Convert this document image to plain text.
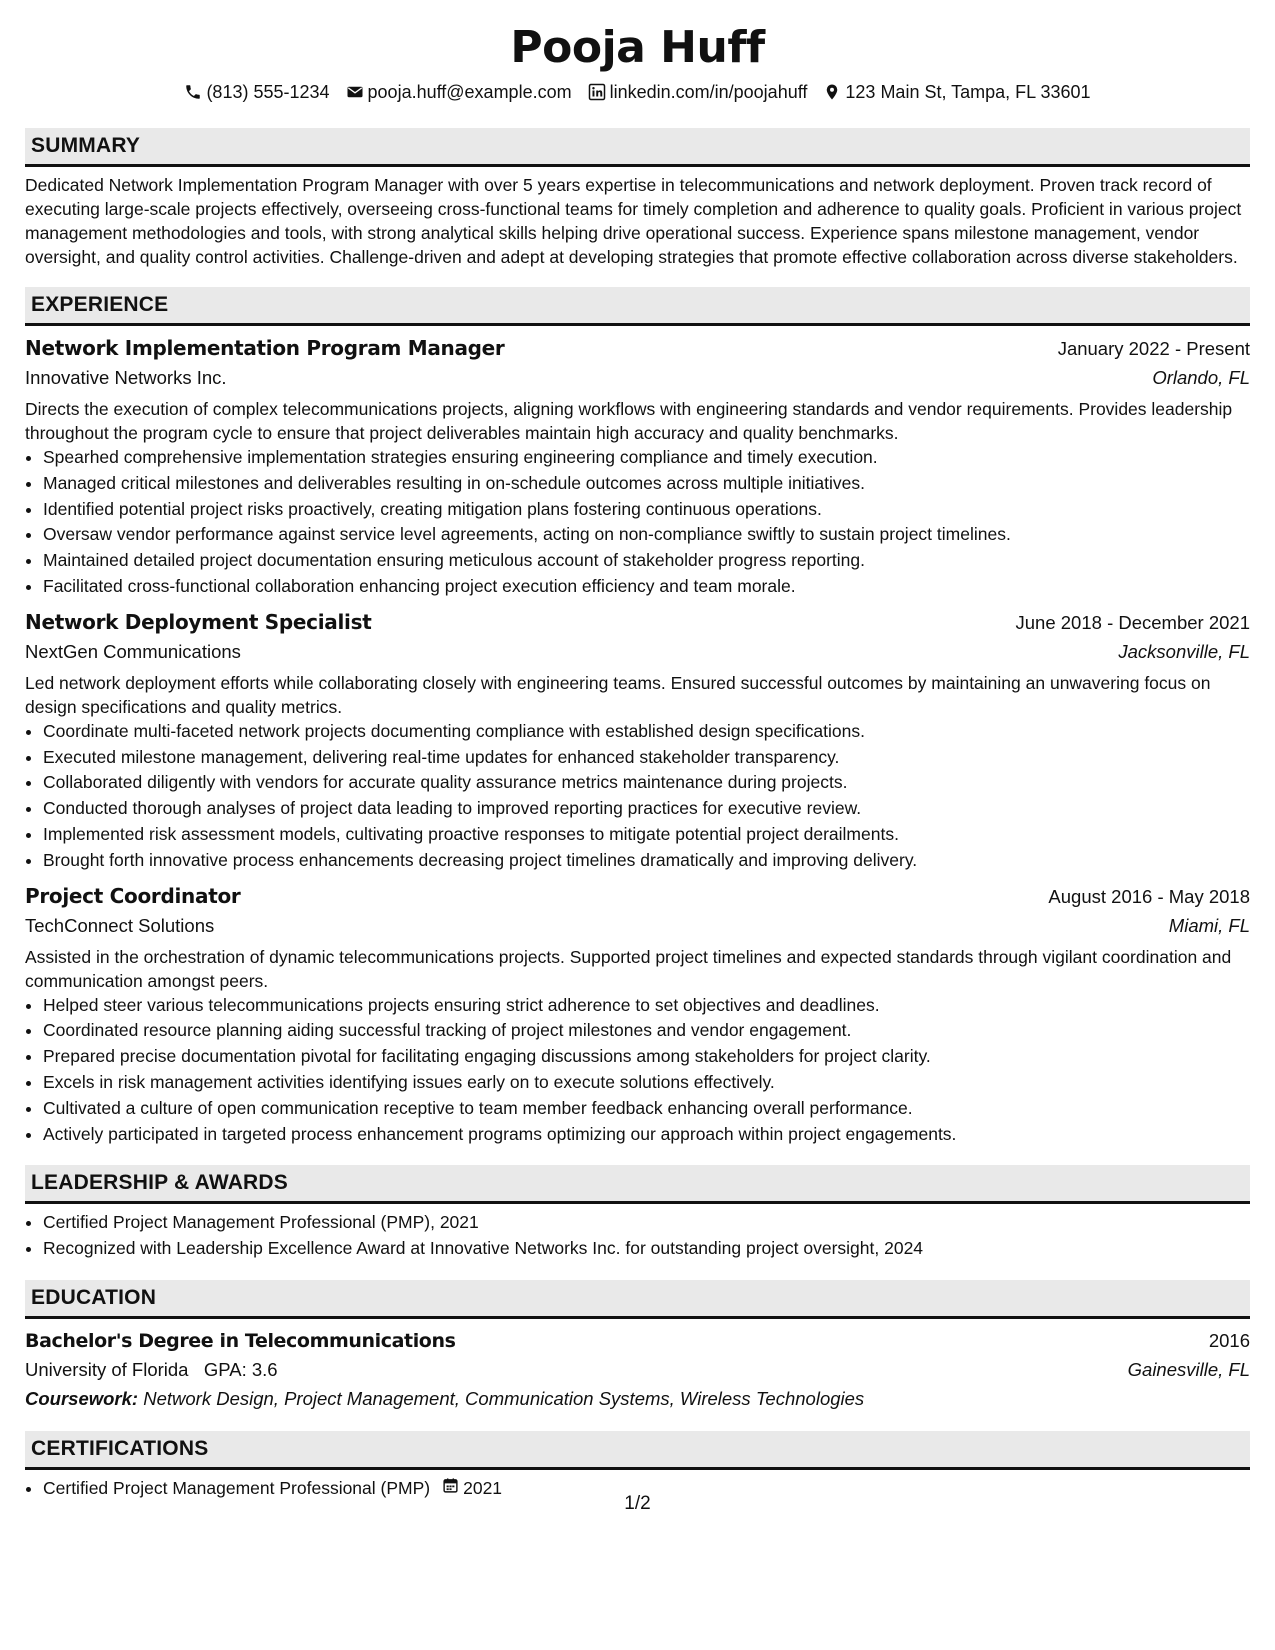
Pooja Huff
(813) 555-1234 pooja.huff@example.com linkedin.com/in/poojahuff 123 Main St, Tampa, FL 33601
SUMMARY
Dedicated Network Implementation Program Manager with over 5 years expertise in telecommunications and network deployment. Proven track record of executing large-scale projects effectively, overseeing cross-functional teams for timely completion and adherence to quality goals. Proficient in various project management methodologies and tools, with strong analytical skills helping drive operational success. Experience spans milestone management, vendor oversight, and quality control activities. Challenge-driven and adept at developing strategies that promote effective collaboration across diverse stakeholders.
EXPERIENCE
Network Implementation Program Manager	January 2022 - Present
Innovative Networks Inc.	Orlando, FL
Directs the execution of complex telecommunications projects, aligning workflows with engineering standards and vendor requirements. Provides leadership throughout the program cycle to ensure that project deliverables maintain high accuracy and quality benchmarks.
• Spearhed comprehensive implementation strategies ensuring engineering compliance and timely execution.
• Managed critical milestones and deliverables resulting in on-schedule outcomes across multiple initiatives.
• Identified potential project risks proactively, creating mitigation plans fostering continuous operations.
• Oversaw vendor performance against service level agreements, acting on non-compliance swiftly to sustain project timelines.
• Maintained detailed project documentation ensuring meticulous account of stakeholder progress reporting.
• Facilitated cross-functional collaboration enhancing project execution efficiency and team morale.
Network Deployment Specialist	June 2018 - December 2021
NextGen Communications	Jacksonville, FL
Led network deployment efforts while collaborating closely with engineering teams. Ensured successful outcomes by maintaining an unwavering focus on design specifications and quality metrics.
• Coordinate multi-faceted network projects documenting compliance with established design specifications.
• Executed milestone management, delivering real-time updates for enhanced stakeholder transparency.
• Collaborated diligently with vendors for accurate quality assurance metrics maintenance during projects.
• Conducted thorough analyses of project data leading to improved reporting practices for executive review.
• Implemented risk assessment models, cultivating proactive responses to mitigate potential project derailments.
• Brought forth innovative process enhancements decreasing project timelines dramatically and improving delivery.
Project Coordinator	August 2016 - May 2018
TechConnect Solutions	Miami, FL
Assisted in the orchestration of dynamic telecommunications projects. Supported project timelines and expected standards through vigilant coordination and communication amongst peers.
• Helped steer various telecommunications projects ensuring strict adherence to set objectives and deadlines.
• Coordinated resource planning aiding successful tracking of project milestones and vendor engagement.
• Prepared precise documentation pivotal for facilitating engaging discussions among stakeholders for project clarity.
• Excels in risk management activities identifying issues early on to execute solutions effectively.
• Cultivated a culture of open communication receptive to team member feedback enhancing overall performance.
• Actively participated in targeted process enhancement programs optimizing our approach within project engagements.
LEADERSHIP & AWARDS
• Certified Project Management Professional (PMP), 2021
• Recognized with Leadership Excellence Award at Innovative Networks Inc. for outstanding project oversight, 2024
EDUCATION
Bachelor's Degree in Telecommunications	2016
University of Florida GPA: 3.6	Gainesville, FL
Coursework: Network Design, Project Management, Communication Systems, Wireless Technologies
CERTIFICATIONS
• Certified Project Management Professional (PMP) 2021
1/2
